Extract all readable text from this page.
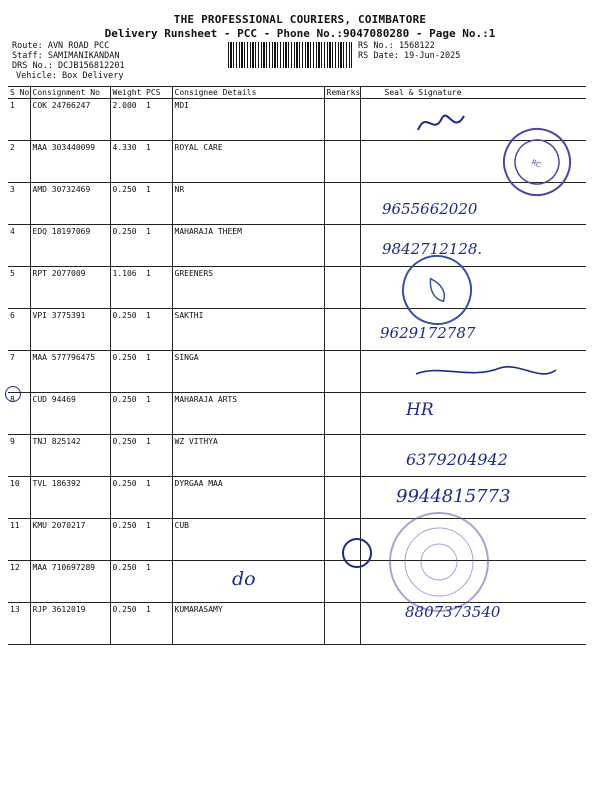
THE PROFESSIONAL COURIERS, COIMBATORE
Delivery Runsheet - PCC - Phone No.:9047080280 - Page No.:1
Route: AVN ROAD PCC
Staff: SAMIMANIKANDAN
DRS No.: DCJB156812201
Vehicle: Box Delivery
RS No.: 1568122
RS Date: 19-Jun-2025
S No	Consignment No	Weight	PCS	Consignee Details	Remarks	Seal & Signature
1	COK 24766247	2.000	1	MDI		
2	MAA 303440099	4.330	1	ROYAL CARE		
3	AMD 30732469	0.250	1	NR		
4	EDQ 18197069	0.250	1	MAHARAJA THEEM		
5	RPT 2077009	1.106	1	GREENERS		
6	VPI 3775391	0.250	1	SAKTHI		
7	MAA 577796475	0.250	1	SINGA		
8	CUD 94469	0.250	1	MAHARAJA ARTS		
9	TNJ 825142	0.250	1	WZ VITHYA		
10	TVL 186392	0.250	1	DYRGAA MAA		
11	KMU 2070217	0.250	1	CUB		
12	MAA 710697289	0.250	1			
13	RJP 3612019	0.250	1	KUMARASAMY		
RC
9655662020
9842712128.
9629172787
HR
6379204942
9944815773
do
8807373540
